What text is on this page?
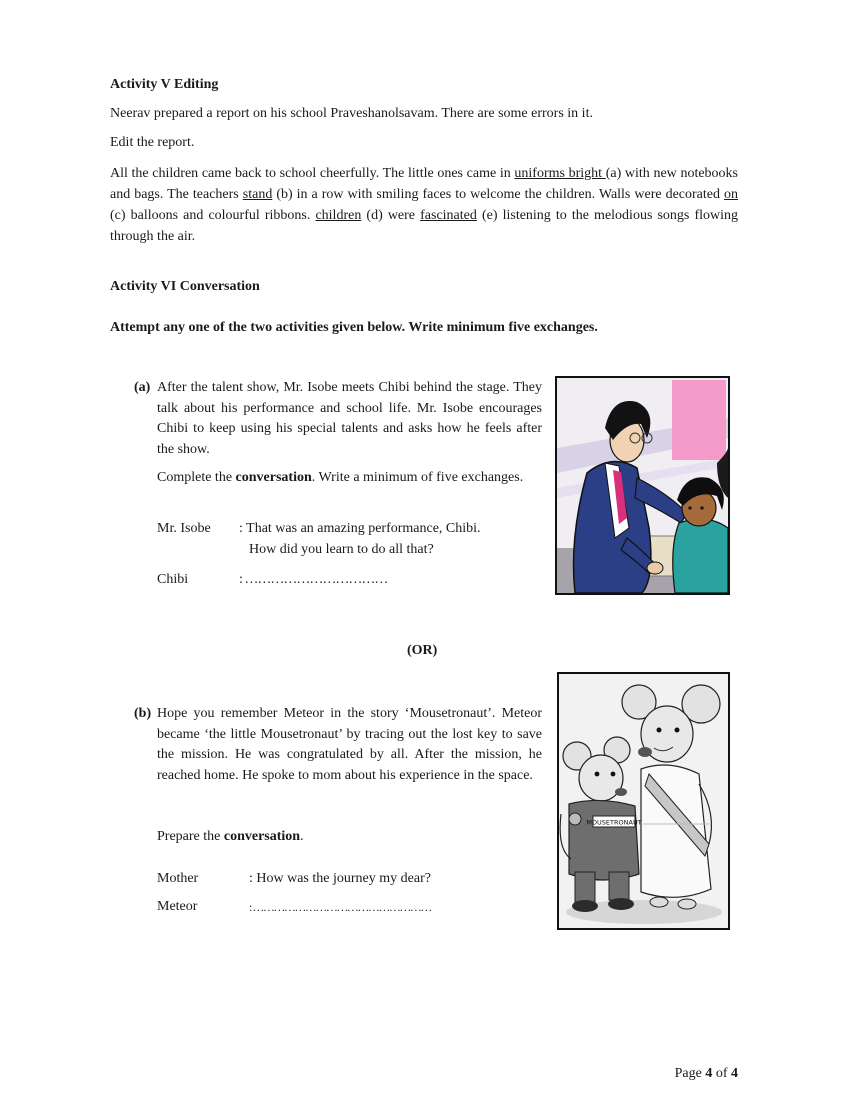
Activity V Editing
Neerav prepared a report on his school Praveshanolsavam. There are some errors in it.
Edit the report.
All the children came back to school cheerfully. The little ones came in uniforms bright (a) with new notebooks and bags. The teachers stand (b) in a row with smiling faces to welcome the children. Walls were decorated on (c) balloons and colourful ribbons. children (d) were fascinated (e) listening to the melodious songs flowing through the air.
Activity VI Conversation
Attempt any one of the two activities given below. Write minimum five exchanges.
(a) After the talent show, Mr. Isobe meets Chibi behind the stage. They talk about his performance and school life. Mr. Isobe encourages Chibi to keep using his special talents and asks how he feels after the show.
Complete the conversation. Write a minimum of five exchanges.
Mr. Isobe : That was an amazing performance, Chibi.
How did you learn to do all that?
Chibi	: ……………………………
(OR)
(b) Hope you remember Meteor in the story ‘Mousetronaut’. Meteor became ‘the little Mousetronaut’ by tracing out the lost key to save the mission. He was congratulated by all. After the mission, he reached home. He spoke to mom about his experience in the space.
Prepare the conversation.
Mother	: How was the journey my dear?
Meteor	: ……………………………………………
MOUSETRONAUT
Page 4 of 4
